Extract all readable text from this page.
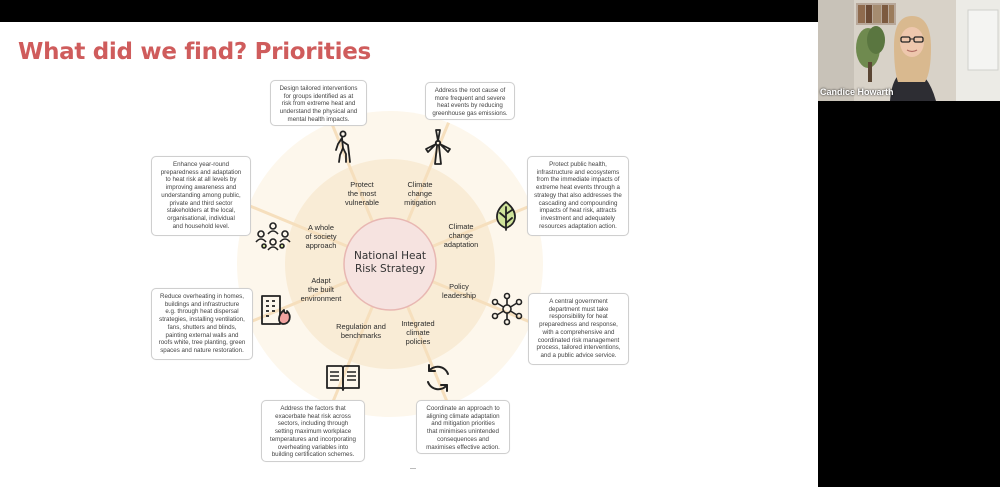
What did we find? Priorities
National Heat
Risk Strategy
Protect
the most
vulnerable
Climate
change
mitigation
Climate
change
adaptation
Policy
leadership
Integrated
climate
policies
Regulation and
benchmarks
Adapt
the built
environment
A whole
of society
approach
Design tailored interventions
for groups identified as at
risk from extreme heat and
understand the physical and
mental health impacts.
Address the root cause of
more frequent and severe
heat events by reducing
greenhouse gas emissions.
Protect public health,
infrastructure and ecosystems
from the immediate impacts of
extreme heat events through a
strategy that also addresses the
cascading and compounding
impacts of heat risk, attracts
investment and adequately
resources adaptation action.
A central government
department must take
responsibility for heat
preparedness and response,
with a comprehensive and
coordinated risk management
process, tailored interventions,
and a public advice service.
Coordinate an approach to
aligning climate adaptation
and mitigation priorities
that minimises unintended
consequences and
maximises effective action.
Address the factors that
exacerbate heat risk across
sectors, including through
setting maximum workplace
temperatures and incorporating
overheating variables into
building certification schemes.
Reduce overheating in homes,
buildings and infrastructure
e.g. through heat dispersal
strategies, installing ventilation,
fans, shutters and blinds,
painting external walls and
roofs white, tree planting, green
spaces and nature restoration.
Enhance year-round
preparedness and adaptation
to heat risk at all levels by
improving awareness and
understanding among public,
private and third sector
stakeholders at the local,
organisational, individual
and household level.
Candice Howarth
